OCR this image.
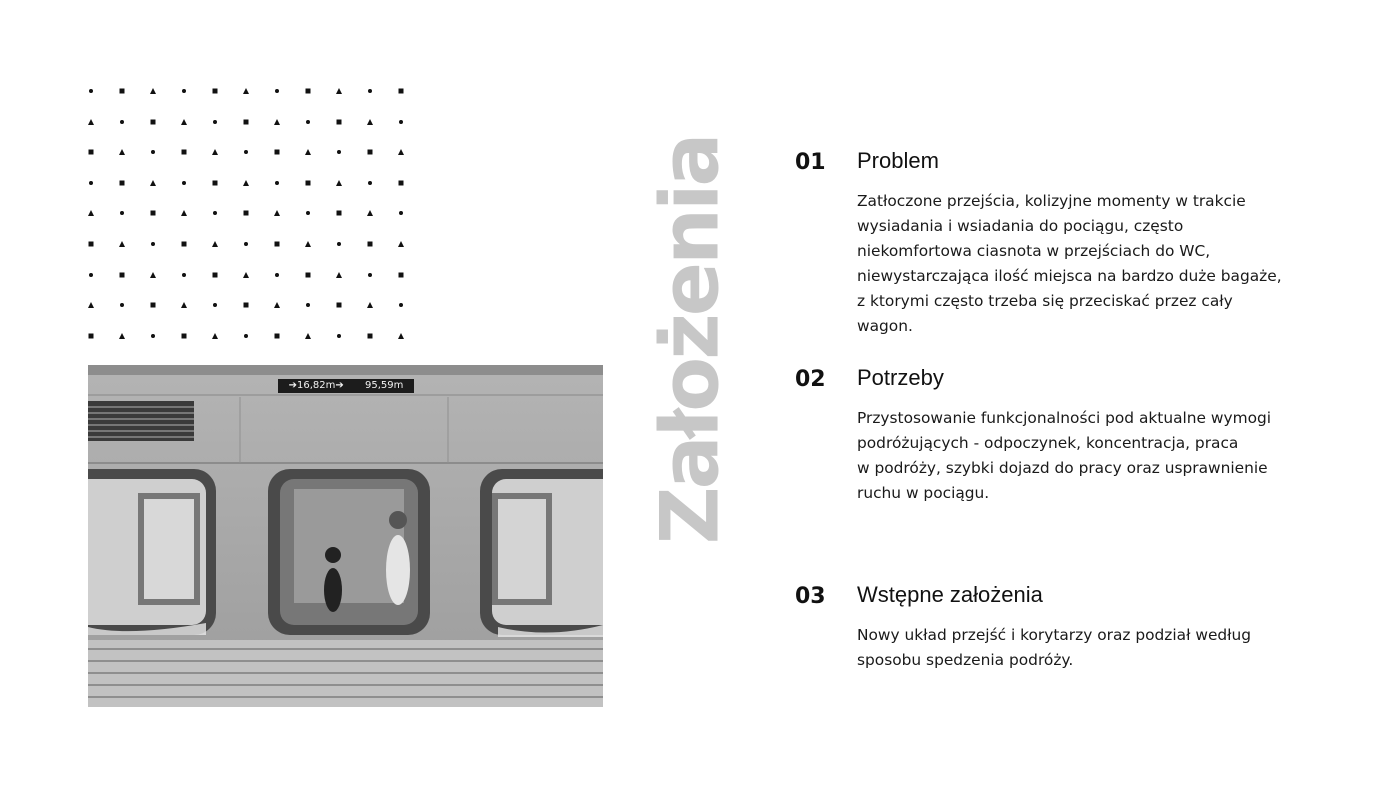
➔16,82m➔ 95,59m	Założenia	01 Problem
Zatłoczone przejścia, kolizyjne momenty w trakcie
wysiadania i wsiadania do pociągu, często
niekomfortowa ciasnota w przejściach do WC,
niewystarczająca ilość miejsca na bardzo duże bagaże,
z ktorymi często trzeba się przeciskać przez cały
wagon.
02 Potrzeby
Przystosowanie funkcjonalności pod aktualne wymogi
podróżujących - odpoczynek, koncentracja, praca
w podróży, szybki dojazd do pracy oraz usprawnienie
ruchu w pociągu.
03 Wstępne założenia
Nowy układ przejść i korytarzy oraz podział według
sposobu spedzenia podróży.
